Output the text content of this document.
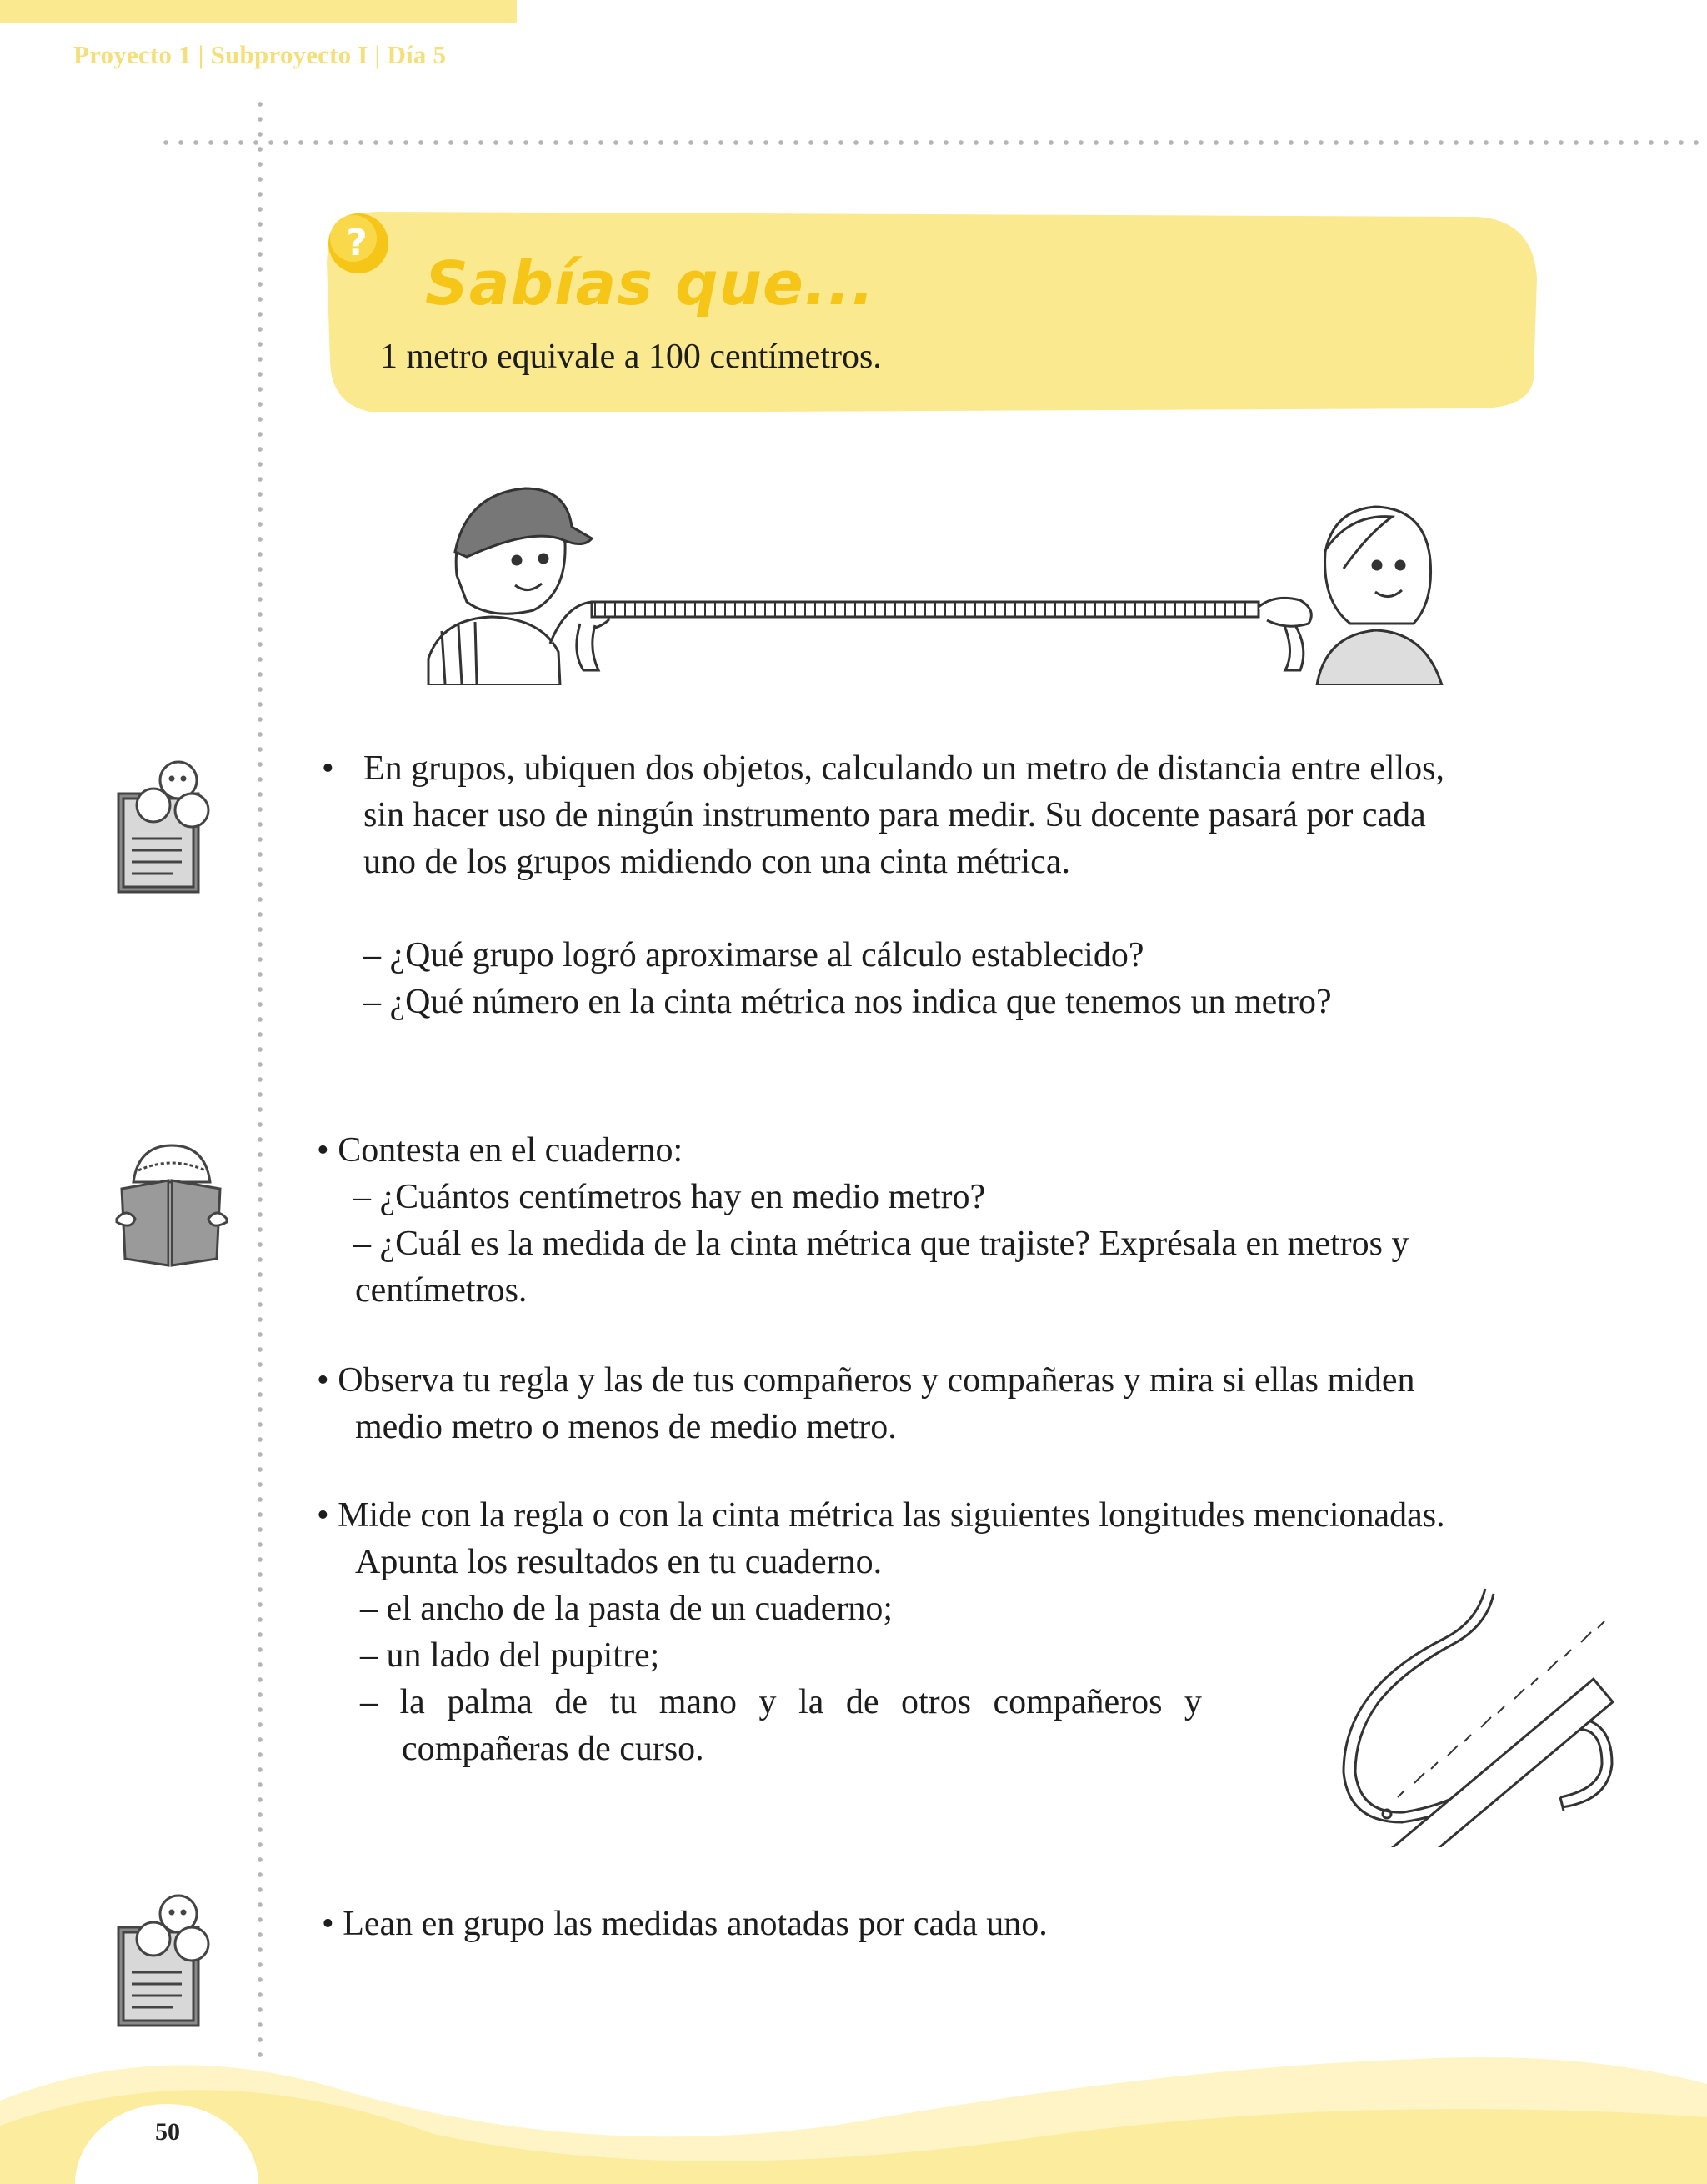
Proyecto 1 | Subproyecto I | Día 5
?
Sabías que...
1 metro equivale a 100 centímetros.
• En grupos, ubiquen dos objetos, calculando un metro de distancia entre ellos,

sin hacer uso de ningún instrumento para medir. Su docente pasará por cada

uno de los grupos midiendo con una cinta métrica.

– ¿Qué grupo logró aproximarse al cálculo establecido?

– ¿Qué número en la cinta métrica nos indica que tenemos un metro?

• Contesta en el cuaderno:

– ¿Cuántos centímetros hay en medio metro?

– ¿Cuál es la medida de la cinta métrica que trajiste? Exprésala en metros y

centímetros.

• Observa tu regla y las de tus compañeros y compañeras y mira si ellas miden

medio metro o menos de medio metro.

• Mide con la regla o con la cinta métrica las siguientes longitudes mencionadas.

Apunta los resultados en tu cuaderno.

– el ancho de la pasta de un cuaderno;

– un lado del pupitre;

– la palma de tu mano y la de otros compañeros y

compañeras de curso.

• Lean en grupo las medidas anotadas por cada uno.

50
